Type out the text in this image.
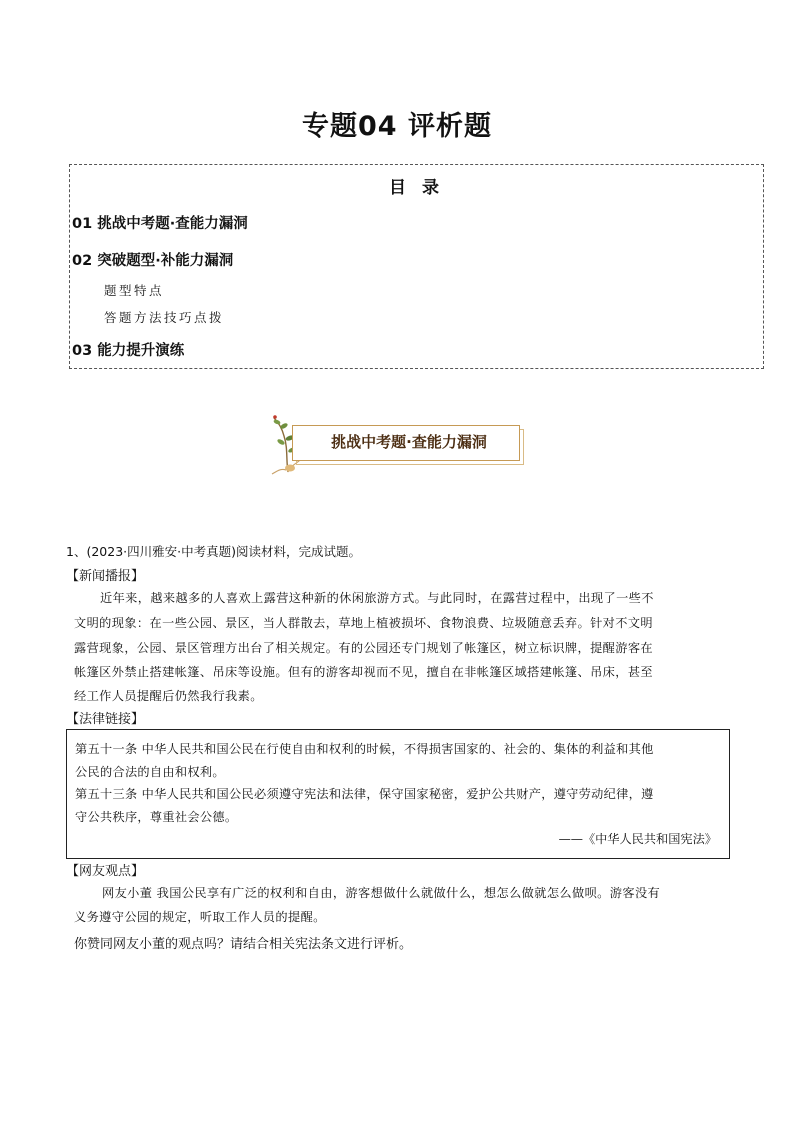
专题04 评析题
目 录
01 挑战中考题·查能力漏洞
02 突破题型·补能力漏洞
题型特点
答题方法技巧点拨
03 能力提升演练
挑战中考题·查能力漏洞
1、(2023·四川雅安·中考真题)阅读材料，完成试题。
【新闻播报】
近年来，越来越多的人喜欢上露营这种新的休闲旅游方式。与此同时，在露营过程中，出现了一些不
文明的现象：在一些公园、景区，当人群散去，草地上植被损坏、食物浪费、垃圾随意丢弃。针对不文明
露营现象，公园、景区管理方出台了相关规定。有的公园还专门规划了帐篷区，树立标识牌，提醒游客在
帐篷区外禁止搭建帐篷、吊床等设施。但有的游客却视而不见，擅自在非帐篷区域搭建帐篷、吊床，甚至
经工作人员提醒后仍然我行我素。
【法律链接】
第五十一条 中华人民共和国公民在行使自由和权利的时候，不得损害国家的、社会的、集体的利益和其他
公民的合法的自由和权利。
第五十三条 中华人民共和国公民必须遵守宪法和法律，保守国家秘密，爱护公共财产，遵守劳动纪律，遵
守公共秩序，尊重社会公德。
——《中华人民共和国宪法》
【网友观点】
网友小董 我国公民享有广泛的权利和自由，游客想做什么就做什么，想怎么做就怎么做呗。游客没有
义务遵守公园的规定，听取工作人员的提醒。
你赞同网友小董的观点吗？请结合相关宪法条文进行评析。
